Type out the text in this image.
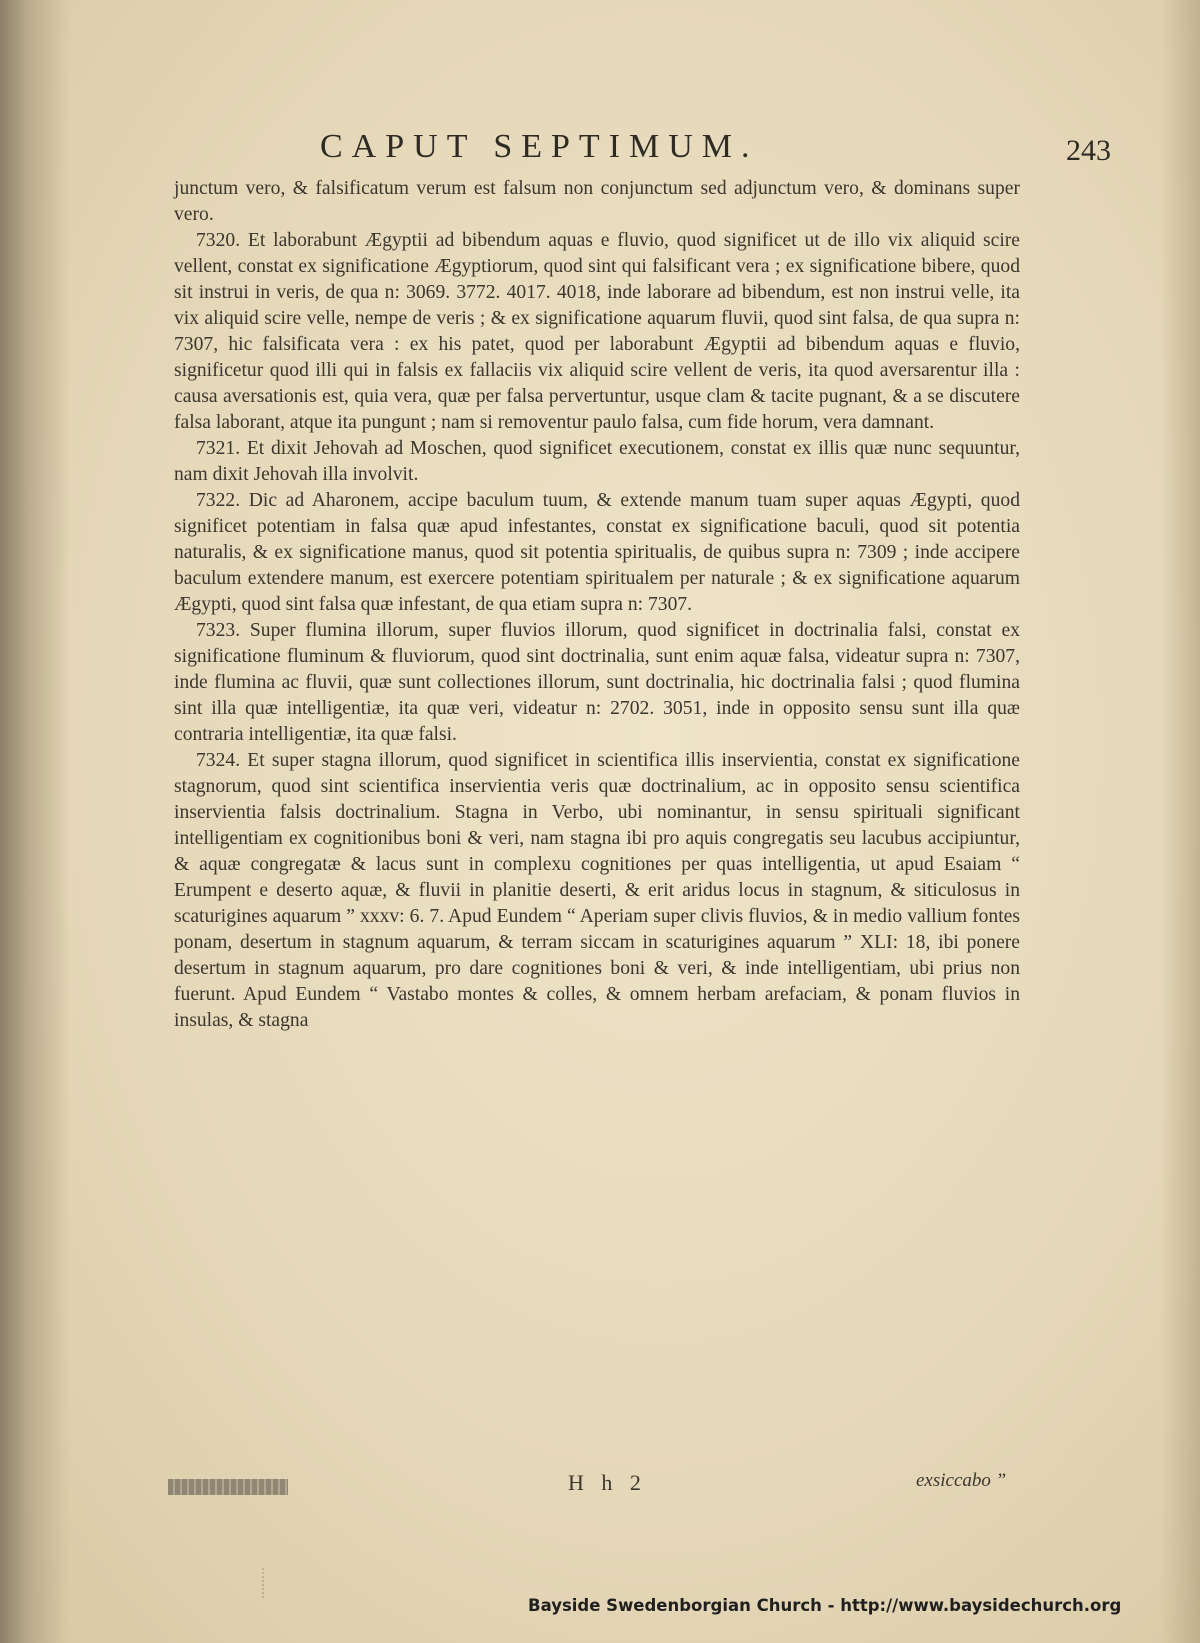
CAPUT SEPTIMUM.	243

junctum vero, & falsificatum verum est falsum non conjunctum sed adjunctum vero, & dominans super vero.

7320. Et laborabunt Ægyptii ad bibendum aquas e fluvio, quod significet ut de illo vix aliquid scire vellent, constat ex significatione Ægyptiorum, quod sint qui falsificant vera ; ex significatione bibere, quod sit instrui in veris, de qua n: 3069. 3772. 4017. 4018, inde laborare ad bibendum, est non instrui velle, ita vix aliquid scire velle, nempe de veris ; & ex significatione aquarum fluvii, quod sint falsa, de qua supra n: 7307, hic falsificata vera : ex his patet, quod per laborabunt Ægyptii ad bibendum aquas e fluvio, significetur quod illi qui in falsis ex fallaciis vix aliquid scire vellent de veris, ita quod aversarentur illa : causa aversationis est, quia vera, quæ per falsa pervertuntur, usque clam & tacite pugnant, & a se discutere falsa laborant, atque ita pungunt ; nam si removentur paulo falsa, cum fide horum, vera damnant.

7321. Et dixit Jehovah ad Moschen, quod significet executionem, constat ex illis quæ nunc sequuntur, nam dixit Jehovah illa involvit.

7322. Dic ad Aharonem, accipe baculum tuum, & extende manum tuam super aquas Ægypti, quod significet potentiam in falsa quæ apud infestantes, constat ex significatione baculi, quod sit potentia naturalis, & ex significatione manus, quod sit potentia spiritualis, de quibus supra n: 7309 ; inde accipere baculum extendere manum, est exercere potentiam spiritualem per naturale ; & ex significatione aquarum Ægypti, quod sint falsa quæ infestant, de qua etiam supra n: 7307.

7323. Super flumina illorum, super fluvios illorum, quod significet in doctrinalia falsi, constat ex significatione fluminum & fluviorum, quod sint doctrinalia, sunt enim aquæ falsa, videatur supra n: 7307, inde flumina ac fluvii, quæ sunt collectiones illorum, sunt doctrinalia, hic doctrinalia falsi ; quod flumina sint illa quæ intelligentiæ, ita quæ veri, videatur n: 2702. 3051, inde in opposito sensu sunt illa quæ contraria intelligentiæ, ita quæ falsi.

7324. Et super stagna illorum, quod significet in scientifica illis inservientia, constat ex significatione stagnorum, quod sint scientifica inservientia veris quæ doctrinalium, ac in opposito sensu scientifica inservientia falsis doctrinalium. Stagna in Verbo, ubi nominantur, in sensu spirituali significant intelligentiam ex cognitionibus boni & veri, nam stagna ibi pro aquis congregatis seu lacubus accipiuntur, & aquæ congregatæ & lacus sunt in complexu cognitiones per quas intelligentia, ut apud Esaiam “ Erumpent e deserto aquæ, & fluvii in planitie deserti, & erit aridus locus in stagnum, & siticulosus in scaturigines aquarum ” xxxv: 6. 7. Apud Eundem “ Aperiam super clivis fluvios, & in medio vallium fontes ponam, desertum in stagnum aquarum, & terram siccam in scaturigines aquarum ” XLI: 18, ibi ponere desertum in stagnum aquarum, pro dare cognitiones boni & veri, & inde intelligentiam, ubi prius non fuerunt. Apud Eundem “ Vastabo montes & colles, & omnem herbam arefaciam, & ponam fluvios in insulas, & stagna

H h 2	exsiccabo ”
Bayside Swedenborgian Church - http://www.baysidechurch.org
